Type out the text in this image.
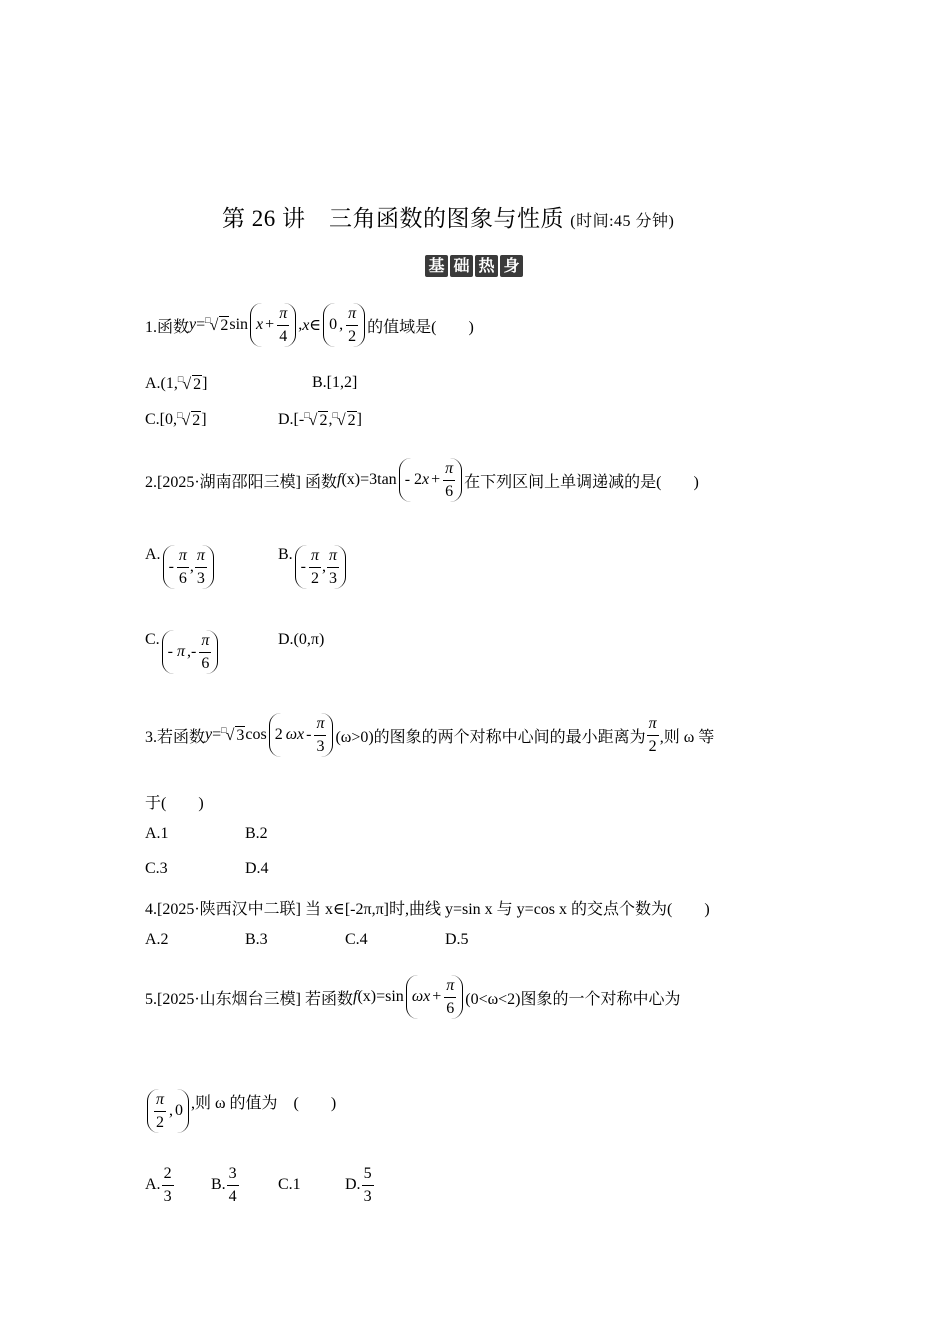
第 26 讲　三角函数的图象与性质 (时间:45 分钟)
基 础 热 身
1.函数 y = □ √ 2 $\sin x + \frac{\pi}{4}$ , x∈ 0 , $\frac{\pi}{2}$ 的值域是(　　)
A.(1, □ √ 2 ]	B.[1,2]
C.[0, □ √ 2 ]	D.[- □ √ 2 , □ √ 2 ]
2.[2025·湖南邵阳三模] 函数 f (x) =3tan - 2 $x + \frac{\pi}{6}$ 在下列区间上单调递减的是(　　)
A.
- $\frac{\pi}{6}$ , $\frac{\pi}{3}$	B.
- $\frac{\pi}{2}$ , $\frac{\pi}{3}$
C.
- π ,- $\frac{\pi}{6}$	D.(0,π)
3.若函数 y = □ √ 3 cos 2 ω $x - \frac{\pi}{3} (\omega>0)$的图象的两个对称中心间的最小距离为 $\frac{\pi}{2}$ ,则 ω 等
于(　　)
A.1	B.2
C.3	D.4
4.[2025·陕西汉中二联] 当 x∈[-2π,π]时,曲线 y=sin x 与 y=cos x 的交点个数为(　　)
A.2	B.3	C.4	D.5
5.[2025·山东烟台三模] 若函数 f (x) =sin ω $x + \frac{\pi}{6} (0<\omega<2)$图象的一个对称中心为
$\frac{\pi}{2}$ , 0 ,则 ω 的值为　(　　)
A. $\frac{2}{3} B$. $\frac{3}{4} C.1$	D. $\frac{5}{3}$
